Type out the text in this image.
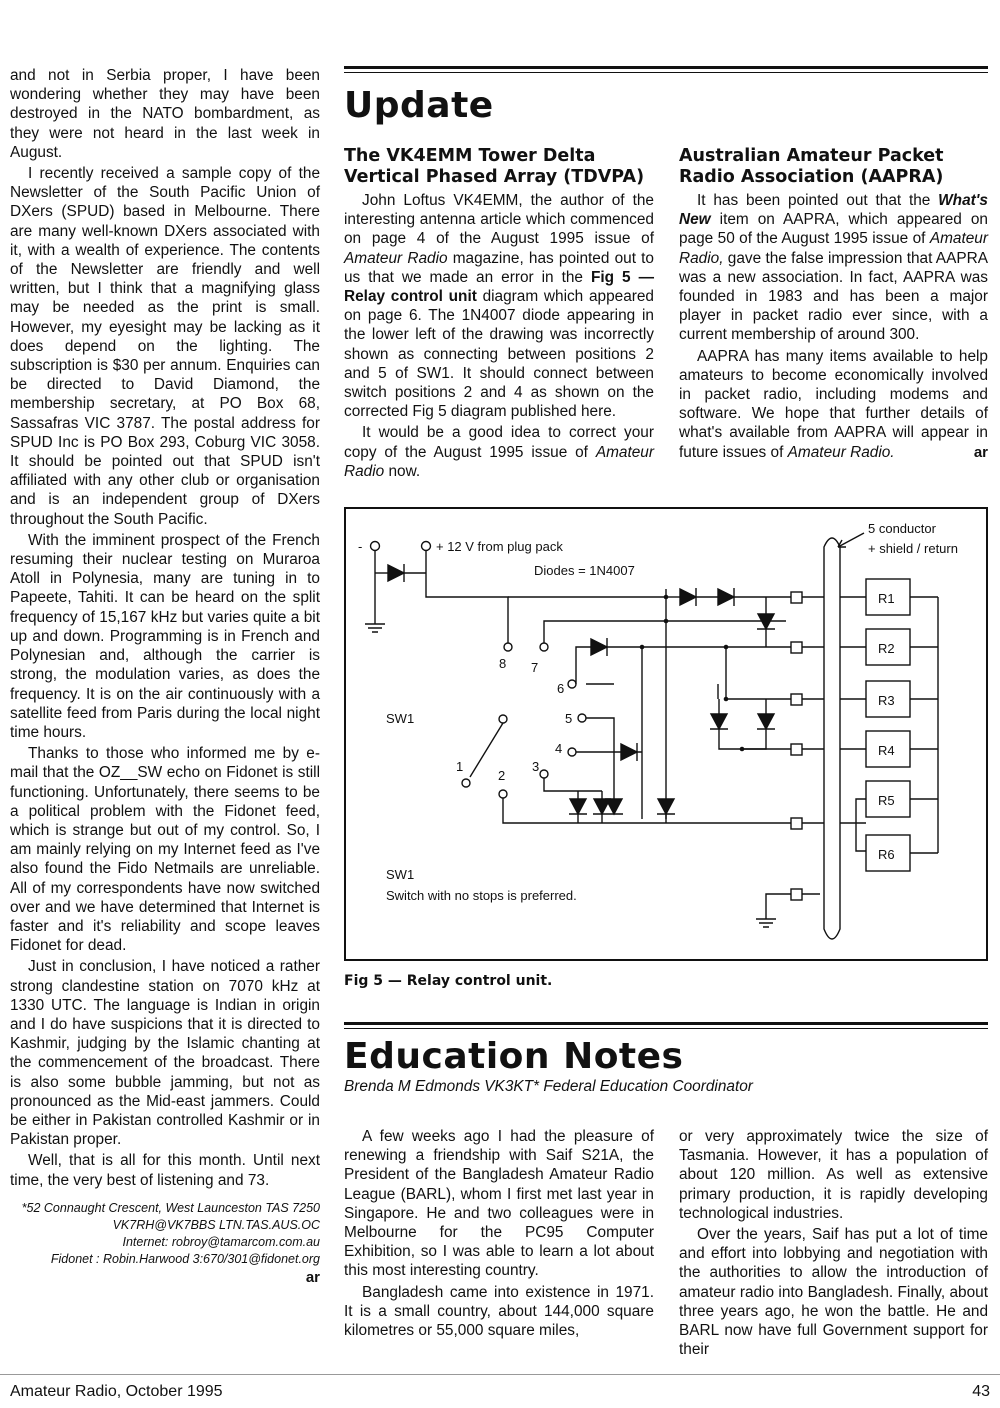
and not in Serbia proper, I have been wondering whether they may have been destroyed in the NATO bombardment, as they were not heard in the last week in August.

I recently received a sample copy of the Newsletter of the South Pacific Union of DXers (SPUD) based in Melbourne. There are many well-known DXers associated with it, with a wealth of experience. The contents of the Newsletter are friendly and well written, but I think that a magnifying glass may be needed as the print is small. However, my eyesight may be lacking as it does depend on the lighting. The subscription is $30 per annum. Enquiries can be directed to David Diamond, the membership secretary, at PO Box 68, Sassafras VIC 3787. The postal address for SPUD Inc is PO Box 293, Coburg VIC 3058. It should be pointed out that SPUD isn't affiliated with any other club or organisation and is an independent group of DXers throughout the South Pacific.

With the imminent prospect of the French resuming their nuclear testing on Muraroa Atoll in Polynesia, many are tuning in to Papeete, Tahiti. It can be heard on the split frequency of 15,167 kHz but varies quite a bit up and down. Programming is in French and Polynesian and, although the carrier is strong, the modulation varies, as does the frequency. It is on the air continuously with a satellite feed from Paris during the local night time hours.

Thanks to those who informed me by e-mail that the OZ__SW echo on Fidonet is still functioning. Unfortunately, there seems to be a political problem with the Fidonet feed, which is strange but out of my control. So, I am mainly relying on my Internet feed as I've also found the Fido Netmails are unreliable. All of my correspondents have now switched over and we have determined that Internet is faster and it's reliability and scope leaves Fidonet for dead.

Just in conclusion, I have noticed a rather strong clandestine station on 7070 kHz at 1330 UTC. The language is Indian in origin and I do have suspicions that it is directed to Kashmir, judging by the Islamic chanting at the commencement of the broadcast. There is also some bubble jamming, but not as pronounced as the Mid-east jammers. Could be either in Pakistan controlled Kashmir or in Pakistan proper.

Well, that is all for this month. Until next time, the very best of listening and 73.

*52 Connaught Crescent, West Launceston TAS 7250
VK7RH@VK7BBS LTN.TAS.AUS.OC
Internet: robroy@tamarcom.com.au
Fidonet : Robin.Harwood 3:670/301@fidonet.org
ar
Update
The VK4EMM Tower Delta Vertical Phased Array (TDVPA)

John Loftus VK4EMM, the author of the interesting antenna article which commenced on page 4 of the August 1995 issue of Amateur Radio magazine, has pointed out to us that we made an error in the Fig 5 — Relay control unit diagram which appeared on page 6. The 1N4007 diode appearing in the lower left of the drawing was incorrectly shown as connecting between positions 2 and 5 of SW1. It should connect between switch positions 2 and 4 as shown on the corrected Fig 5 diagram published here.

It would be a good idea to correct your copy of the August 1995 issue of Amateur Radio now.

Australian Amateur Packet Radio Association (AAPRA)

It has been pointed out that the What's New item on AAPRA, which appeared on page 50 of the August 1995 issue of Amateur Radio, gave the false impression that AAPRA was a new association. In fact, AAPRA was founded in 1983 and has been a major player in packet radio ever since, with a current membership of around 300.

AAPRA has many items available to help amateurs to become economically involved in packet radio, including modems and software. We hope that further details of what's available from AAPRA will appear in future issues of Amateur Radio.	ar
-	+ 12 V from plug pack
Diodes = 1N4007
8 7
6
5
4
3
SW1
1
2
R1
R2
R3
R4
R5
R6
5 conductor
+ shield / return
SW1
Switch with no stops is preferred.
Fig 5 — Relay control unit.
Education Notes
Brenda M Edmonds VK3KT* Federal Education Coordinator

A few weeks ago I had the pleasure of renewing a friendship with Saif S21A, the President of the Bangladesh Amateur Radio League (BARL), whom I first met last year in Singapore. He and two colleagues were in Melbourne for the PC95 Computer Exhibition, so I was able to learn a lot about this most interesting country.

Bangladesh came into existence in 1971. It is a small country, about 144,000 square kilometres or 55,000 square miles,

or very approximately twice the size of Tasmania. However, it has a population of about 120 million. As well as extensive primary production, it is rapidly developing technological industries.

Over the years, Saif has put a lot of time and effort into lobbying and negotiation with the authorities to allow the introduction of amateur radio into Bangladesh. Finally, about three years ago, he won the battle. He and BARL now have full Government support for their

Amateur Radio, October 1995	43
